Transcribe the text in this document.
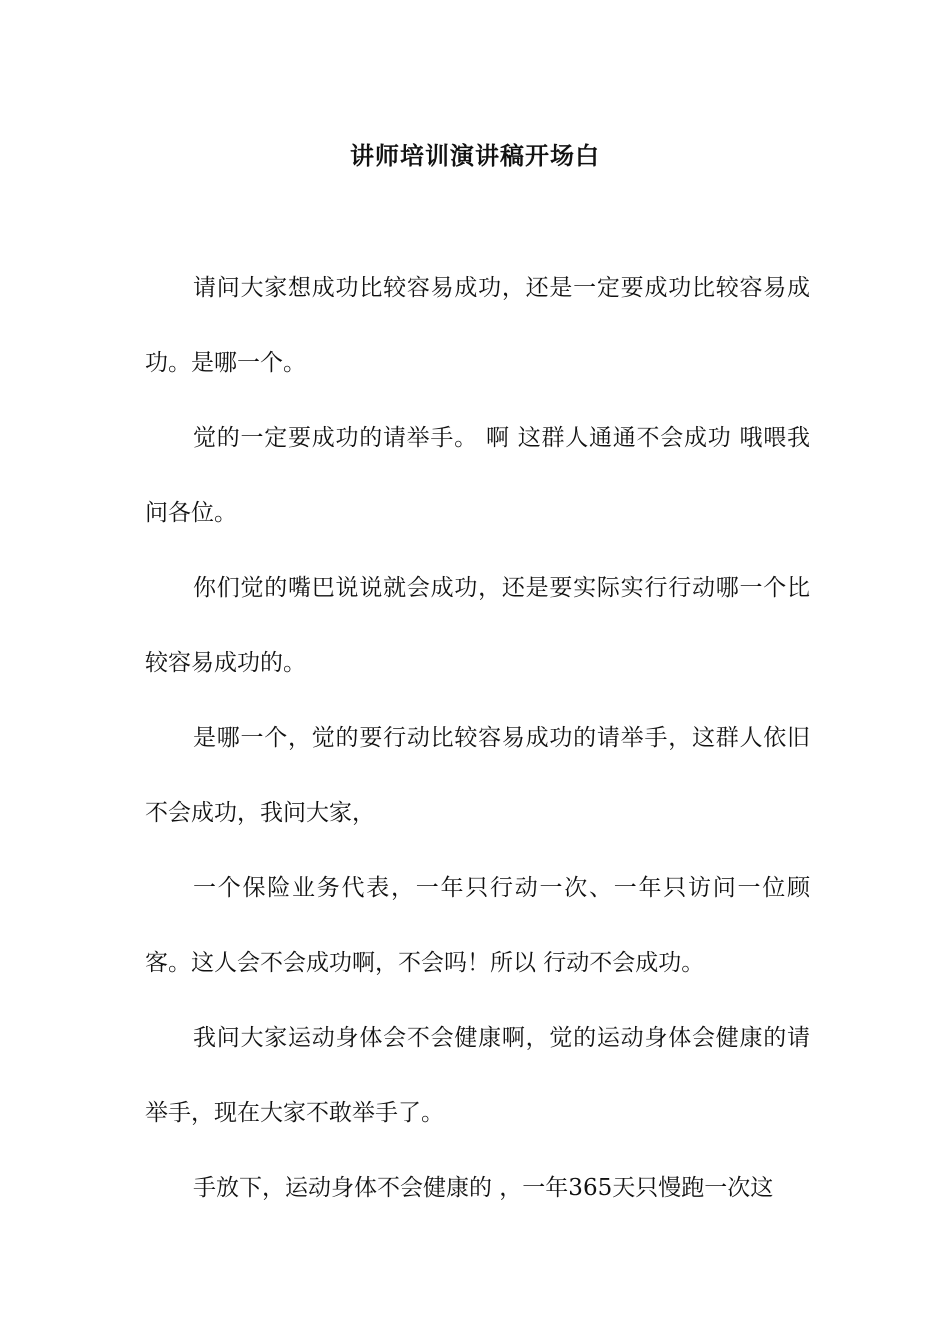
讲师培训演讲稿开场白

请问大家想成功比较容易成功，还是一定要成功比较容易成功。是哪一个。

觉的一定要成功的请举手。 啊 这群人通通不会成功 哦喂我问各位。

你们觉的嘴巴说说就会成功，还是要实际实行行动哪一个比较容易成功的。

是哪一个，觉的要行动比较容易成功的请举手，这群人依旧不会成功，我问大家，

一个保险业务代表，一年只行动一次、一年只访问一位顾客。这人会不会成功啊，不会吗！所以 行动不会成功。

我问大家运动身体会不会健康啊，觉的运动身体会健康的请举手，现在大家不敢举手了。

手放下，运动身体不会健康的 ，一年365天只慢跑一次这
